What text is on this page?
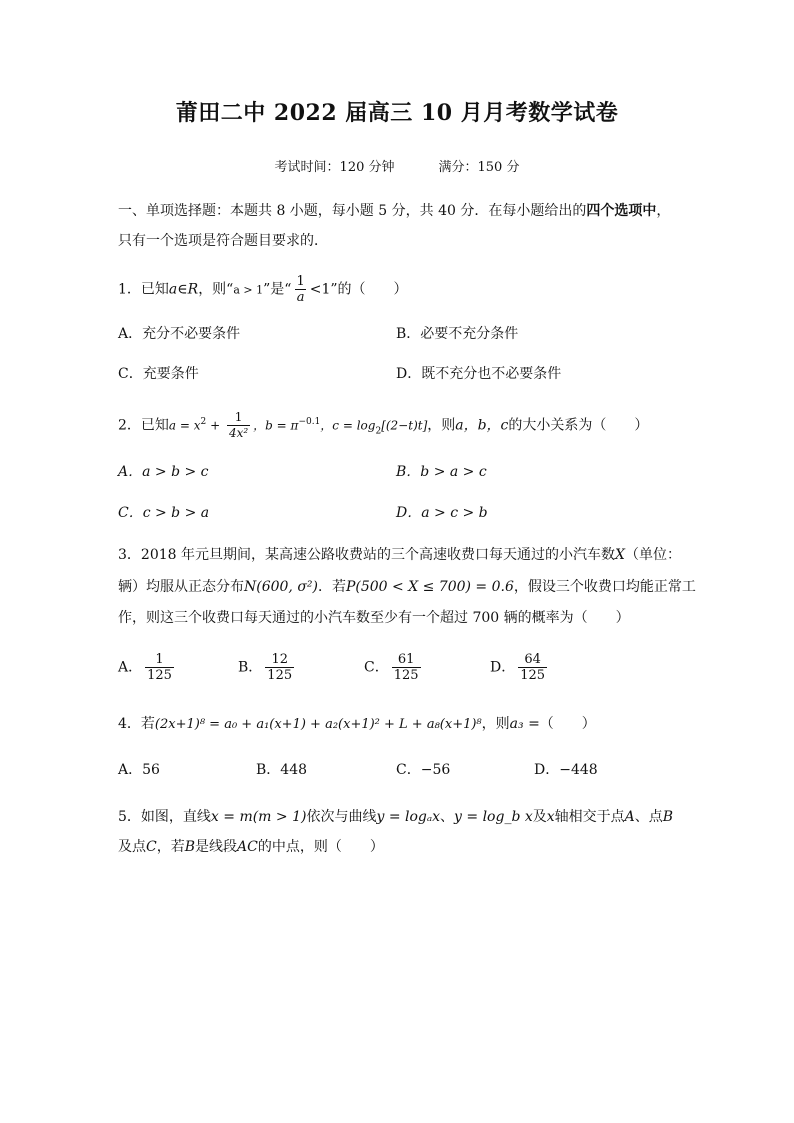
莆田二中 2022 届高三 10 月月考数学试卷
考试时间：120 分钟	满分：150 分
一、单项选择题：本题共 8 小题，每小题 5 分，共 40 分．在每小题给出的四个选项中，只有一个选项是符合题目要求的．
1．已知a∈R，则“a > 1”是“ $\frac{1}{a} <1$”的（　　）
A．充分不必要条件	B．必要不充分条件
C．充要条件	D．既不充分也不必要条件
2．已知$a = x^2 + \frac{1}{\text{4x²}}$ ，$b = \pi^{-0.1}$，$c = \log_2[(2-t)t]$，则a，b，c的大小关系为（　　）
A．a > b > c	B．b > a > c
C．c > b > a	D．a > c > b
3．2018 年元旦期间，某高速公路收费站的三个高速收费口每天通过的小汽车数X（单位：
辆）均服从正态分布N(600, σ²)．若P(500 < X ≤ 700) = 0.6，假设三个收费口均能正常工
作，则这三个收费口每天通过的小汽车数至少有一个超过 700 辆的概率为（　　）
A． $\frac{1}{125}$	B． $\frac{12}{125}$	C． $\frac{61}{125}$	D． $\frac{64}{125}$
4．若(2x+1)⁸ = a₀ + a₁(x+1) + a₂(x+1)² + L + a₈(x+1)⁸，则a₃ =（　　）
A．56	B．448	C．−56	D．−448
5．如图，直线x = m(m > 1)依次与曲线y = logₐx、y = log_b x及x轴相交于点A、点B及点C，若B是线段AC的中点，则（　　）
